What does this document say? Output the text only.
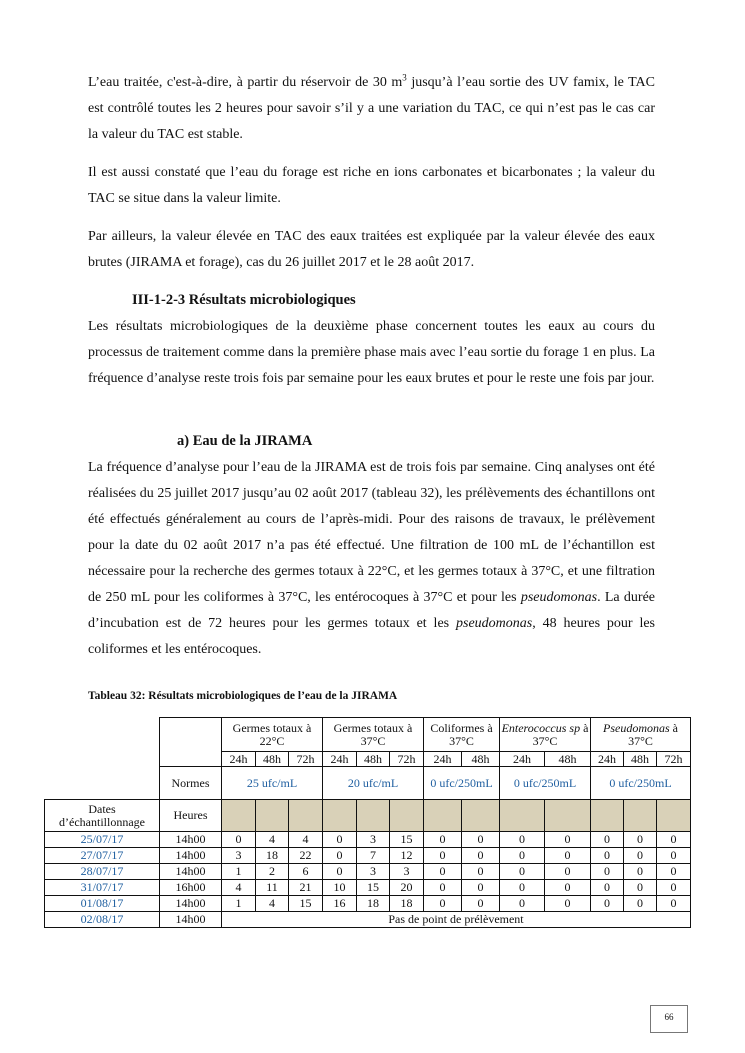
L’eau traitée, c'est-à-dire, à partir du réservoir de 30 $m^3$ jusqu’à l’eau sortie des UV famix, le TAC est contrôlé toutes les 2 heures pour savoir s’il y a une variation du TAC, ce qui n’est pas le cas car la valeur du TAC est stable.

Il est aussi constaté que l’eau du forage est riche en ions carbonates et bicarbonates ; la valeur du TAC se situe dans la valeur limite.

Par ailleurs, la valeur élevée en TAC des eaux traitées est expliquée par la valeur élevée des eaux brutes (JIRAMA et forage), cas du 26 juillet 2017 et le 28 août 2017.

III-1-2-3 Résultats microbiologiques

Les résultats microbiologiques de la deuxième phase concernent toutes les eaux au cours du processus de traitement comme dans la première phase mais avec l’eau sortie du forage 1 en plus. La fréquence d’analyse reste trois fois par semaine pour les eaux brutes et pour le reste une fois par jour.

a) Eau de la JIRAMA

La fréquence d’analyse pour l’eau de la JIRAMA est de trois fois par semaine. Cinq analyses ont été réalisées du 25 juillet 2017 jusqu’au 02 août 2017 (tableau 32), les prélèvements des échantillons ont été effectués généralement au cours de l’après-midi. Pour des raisons de travaux, le prélèvement pour la date du 02 août 2017 n’a pas été effectué. Une filtration de 100 mL de l’échantillon est nécessaire pour la recherche des germes totaux à 22°C, et les germes totaux à 37°C, et une filtration de 250 mL pour les coliformes à 37°C, les entérocoques à 37°C et pour les pseudomonas. La durée d’incubation est de 72 heures pour les germes totaux et les pseudomonas, 48 heures pour les coliformes et les entérocoques.

Tableau 32: Résultats microbiologiques de l’eau de la JIRAMA
		Germes totaux à 22°C			Germes totaux à 37°C			Coliformes à 37°C		Enterococcus sp à 37°C		Pseudomonas à 37°C		
		24h	48h	72h	24h	48h	72h	24h	48h	24h	48h	24h	48h	72h
	Normes	25 ufc/mL			20 ufc/mL			0 ufc/250mL		0 ufc/250mL		0 ufc/250mL		
Dates d’échantillonnage	Heures													
25/07/17	14h00	0	4	4	0	3	15	0	0	0	0	0	0	0
27/07/17	14h00	3	18	22	0	7	12	0	0	0	0	0	0	0
28/07/17	14h00	1	2	6	0	3	3	0	0	0	0	0	0	0
31/07/17	16h00	4	11	21	10	15	20	0	0	0	0	0	0	0
01/08/17	14h00	1	4	15	16	18	18	0	0	0	0	0	0	0
02/08/17	14h00	Pas de point de prélèvement												
66
